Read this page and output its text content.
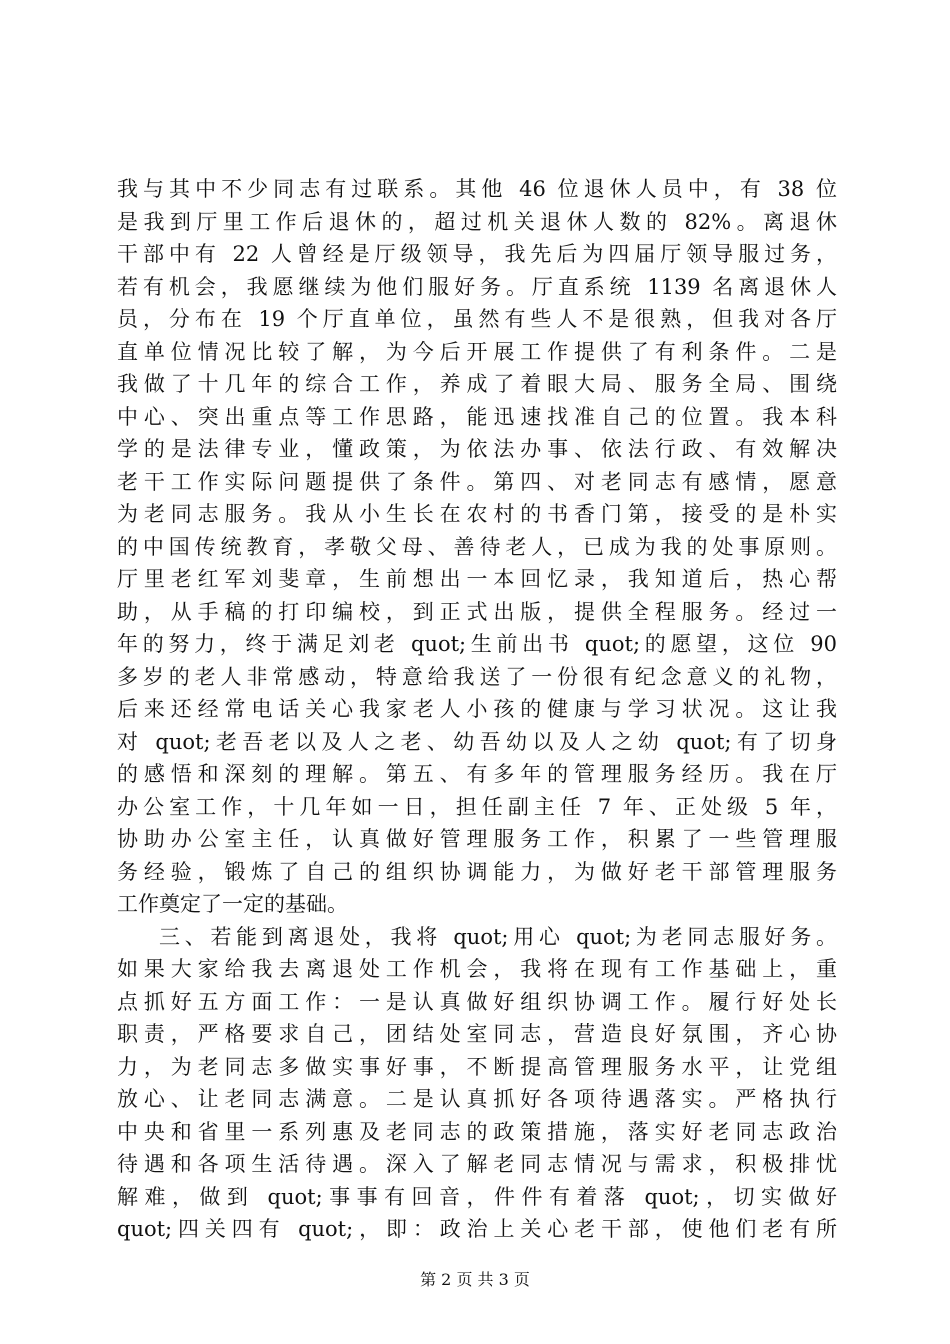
我与其中不少同志有过联系。其他 46 位退休人员中，有 38 位
是我到厅里工作后退休的，超过机关退休人数的 82%。离退休
干部中有 22 人曾经是厅级领导，我先后为四届厅领导服过务，
若有机会，我愿继续为他们服好务。厅直系统 1139 名离退休人
员，分布在 19 个厅直单位，虽然有些人不是很熟，但我对各厅
直单位情况比较了解，为今后开展工作提供了有利条件。二是
我做了十几年的综合工作，养成了着眼大局、服务全局、围绕
中心、突出重点等工作思路，能迅速找准自己的位置。我本科
学的是法律专业，懂政策，为依法办事、依法行政、有效解决
老干工作实际问题提供了条件。第四、对老同志有感情，愿意
为老同志服务。我从小生长在农村的书香门第，接受的是朴实
的中国传统教育，孝敬父母、善待老人，已成为我的处事原则。
厅里老红军刘斐章，生前想出一本回忆录，我知道后，热心帮
助，从手稿的打印编校，到正式出版，提供全程服务。经过一
年的努力，终于满足刘老 quot;生前出书 quot;的愿望，这位 90
多岁的老人非常感动，特意给我送了一份很有纪念意义的礼物，
后来还经常电话关心我家老人小孩的健康与学习状况。这让我
对 quot;老吾老以及人之老、幼吾幼以及人之幼 quot;有了切身
的感悟和深刻的理解。第五、有多年的管理服务经历。我在厅
办公室工作，十几年如一日，担任副主任 7 年、正处级 5 年，
协助办公室主任，认真做好管理服务工作，积累了一些管理服
务经验，锻炼了自己的组织协调能力，为做好老干部管理服务
工作奠定了一定的基础。
三、若能到离退处，我将 quot;用心 quot;为老同志服好务。
如果大家给我去离退处工作机会，我将在现有工作基础上，重
点抓好五方面工作：一是认真做好组织协调工作。履行好处长
职责，严格要求自己，团结处室同志，营造良好氛围，齐心协
力，为老同志多做实事好事，不断提高管理服务水平，让党组
放心、让老同志满意。二是认真抓好各项待遇落实。严格执行
中央和省里一系列惠及老同志的政策措施，落实好老同志政治
待遇和各项生活待遇。深入了解老同志情况与需求，积极排忧
解难，做到 quot;事事有回音，件件有着落 quot;，切实做好
quot;四关四有 quot;，即：政治上关心老干部，使他们老有所
第 2 页 共 3 页
